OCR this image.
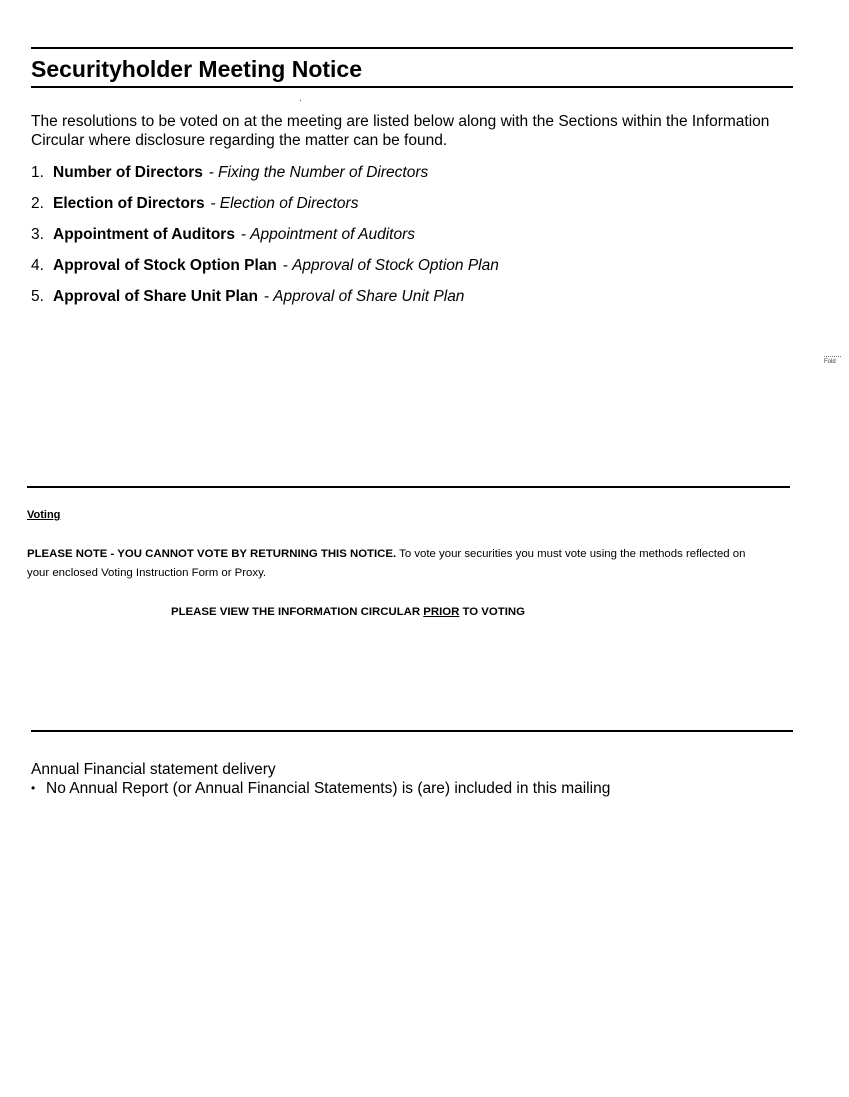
Securityholder Meeting Notice
The resolutions to be voted on at the meeting are listed below along with the Sections within the Information Circular where disclosure regarding the matter can be found.
1. Number of Directors - Fixing the Number of Directors
2. Election of Directors - Election of Directors
3. Appointment of Auditors - Appointment of Auditors
4. Approval of Stock Option Plan - Approval of Stock Option Plan
5. Approval of Share Unit Plan - Approval of Share Unit Plan
Fold
Voting
PLEASE NOTE - YOU CANNOT VOTE BY RETURNING THIS NOTICE. To vote your securities you must vote using the methods reflected on your enclosed Voting Instruction Form or Proxy.
PLEASE VIEW THE INFORMATION CIRCULAR PRIOR TO VOTING
Annual Financial statement delivery
• No Annual Report (or Annual Financial Statements) is (are) included in this mailing
